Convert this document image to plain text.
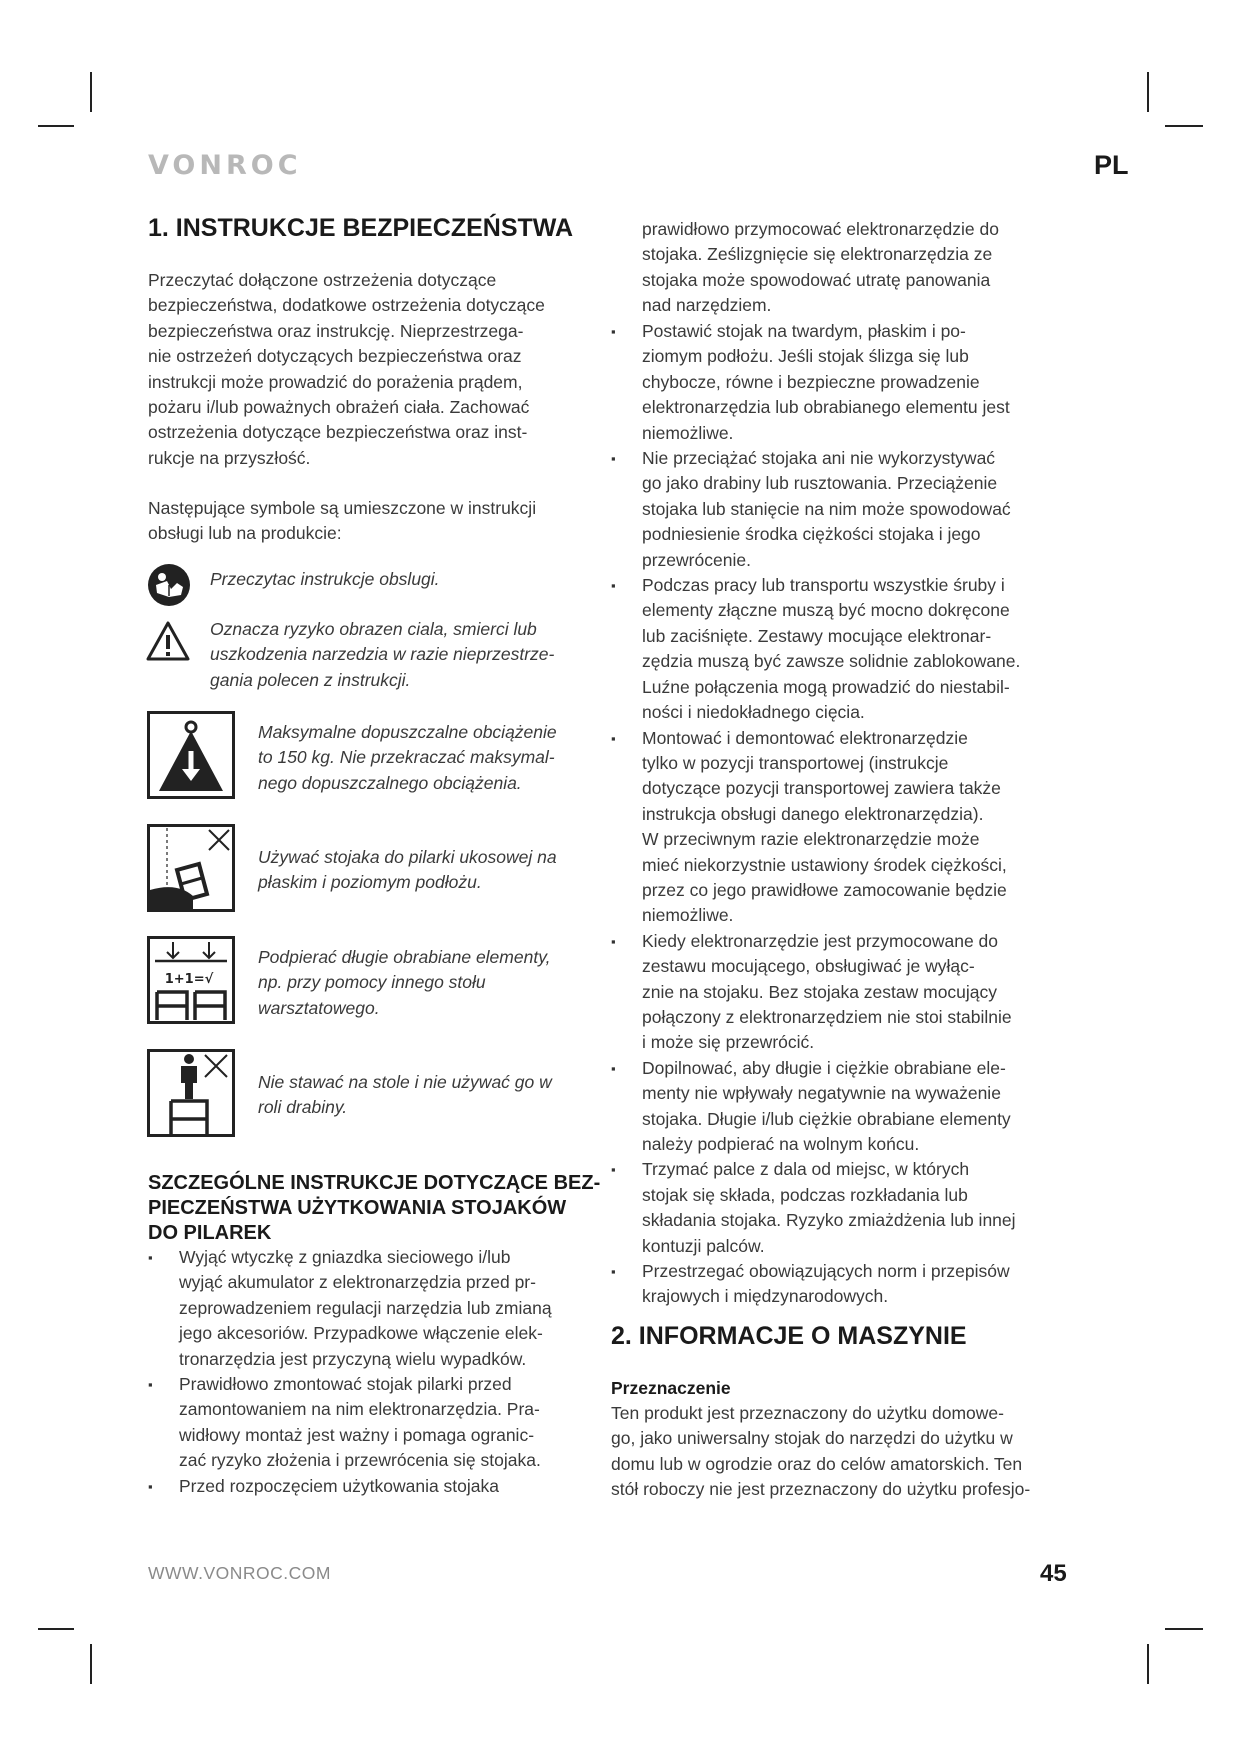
VONROC	PL
1. INSTRUKCJE BEZPIECZEŃSTWA
Przeczytać dołączone ostrzeżenia dotyczące
bezpieczeństwa, dodatkowe ostrzeżenia dotyczące
bezpieczeństwa oraz instrukcję. Nieprzestrzega-
nie ostrzeżeń dotyczących bezpieczeństwa oraz
instrukcji może prowadzić do porażenia prądem,
pożaru i/lub poważnych obrażeń ciała. Zachować
ostrzeżenia dotyczące bezpieczeństwa oraz inst-
rukcje na przyszłość.
Następujące symbole są umieszczone w instrukcji
obsługi lub na produkcie:
Przeczytac instrukcje obslugi.
Oznacza ryzyko obrazen ciala, smierci lub
uszkodzenia narzedzia w razie nieprzestrze-
gania polecen z instrukcji.
Maksymalne dopuszczalne obciążenie
to 150 kg. Nie przekraczać maksymal-
nego dopuszczalnego obciążenia.
Używać stojaka do pilarki ukosowej na
płaskim i poziomym podłożu.
1+1=√
Podpierać długie obrabiane elementy,
np. przy pomocy innego stołu
warsztatowego.
Nie stawać na stole i nie używać go w
roli drabiny.
SZCZEGÓLNE INSTRUKCJE DOTYCZĄCE BEZ-
PIECZEŃSTWA UŻYTKOWANIA STOJAKÓW
DO PILAREK
▪ Wyjąć wtyczkę z gniazdka sieciowego i/lub
wyjąć akumulator z elektronarzędzia przed pr-
zeprowadzeniem regulacji narzędzia lub zmianą
jego akcesoriów. Przypadkowe włączenie elek-
tronarzędzia jest przyczyną wielu wypadków.
▪ Prawidłowo zmontować stojak pilarki przed
zamontowaniem na nim elektronarzędzia. Pra-
widłowy montaż jest ważny i pomaga ogranic-
zać ryzyko złożenia i przewrócenia się stojaka.
▪ Przed rozpoczęciem użytkowania stojaka
prawidłowo przymocować elektronarzędzie do
stojaka. Ześlizgnięcie się elektronarzędzia ze
stojaka może spowodować utratę panowania
nad narzędziem.
▪ Postawić stojak na twardym, płaskim i po-
ziomym podłożu. Jeśli stojak ślizga się lub
chybocze, równe i bezpieczne prowadzenie
elektronarzędzia lub obrabianego elementu jest
niemożliwe.
▪ Nie przeciążać stojaka ani nie wykorzystywać
go jako drabiny lub rusztowania. Przeciążenie
stojaka lub stanięcie na nim może spowodować
podniesienie środka ciężkości stojaka i jego
przewrócenie.
▪ Podczas pracy lub transportu wszystkie śruby i
elementy złączne muszą być mocno dokręcone
lub zaciśnięte. Zestawy mocujące elektronar-
zędzia muszą być zawsze solidnie zablokowane.
Luźne połączenia mogą prowadzić do niestabil-
ności i niedokładnego cięcia.
▪ Montować i demontować elektronarzędzie
tylko w pozycji transportowej (instrukcje
dotyczące pozycji transportowej zawiera także
instrukcja obsługi danego elektronarzędzia).
W przeciwnym razie elektronarzędzie może
mieć niekorzystnie ustawiony środek ciężkości,
przez co jego prawidłowe zamocowanie będzie
niemożliwe.
▪ Kiedy elektronarzędzie jest przymocowane do
zestawu mocującego, obsługiwać je wyłąc-
znie na stojaku. Bez stojaka zestaw mocujący
połączony z elektronarzędziem nie stoi stabilnie
i może się przewrócić.
▪ Dopilnować, aby długie i ciężkie obrabiane ele-
menty nie wpływały negatywnie na wyważenie
stojaka. Długie i/lub ciężkie obrabiane elementy
należy podpierać na wolnym końcu.
▪ Trzymać palce z dala od miejsc, w których
stojak się składa, podczas rozkładania lub
składania stojaka. Ryzyko zmiażdżenia lub innej
kontuzji palców.
▪ Przestrzegać obowiązujących norm i przepisów
krajowych i międzynarodowych.
2. INFORMACJE O MASZYNIE
Przeznaczenie
Ten produkt jest przeznaczony do użytku domowe-
go, jako uniwersalny stojak do narzędzi do użytku w
domu lub w ogrodzie oraz do celów amatorskich. Ten
stół roboczy nie jest przeznaczony do użytku profesjo-
WWW.VONROC.COM	45
